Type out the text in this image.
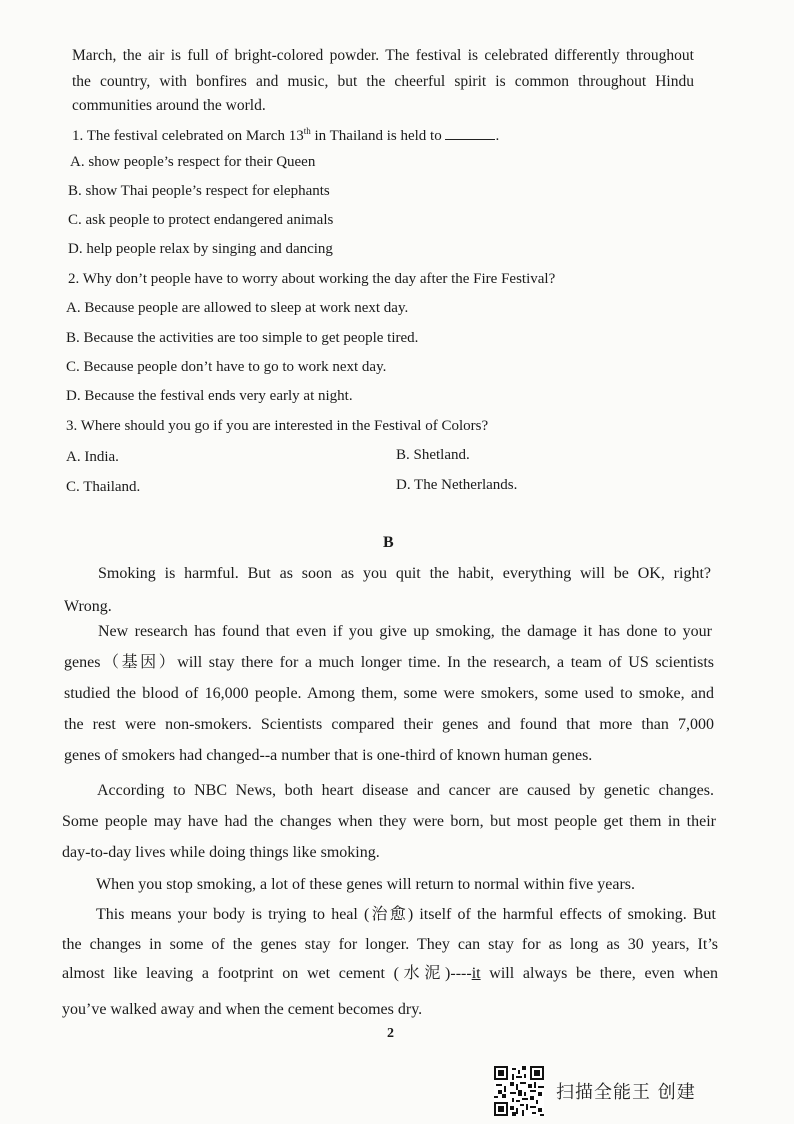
March, the air is full of bright-colored powder. The festival is celebrated differently throughout
the country, with bonfires and music, but the cheerful spirit is common throughout Hindu
communities around the world.
1. The festival celebrated on March 13th in Thailand is held to	.
A. show people’s respect for their Queen
B. show Thai people’s respect for elephants
C. ask people to protect endangered animals
D. help people relax by singing and dancing
2. Why don’t people have to worry about working the day after the Fire Festival?
A. Because people are allowed to sleep at work next day.
B. Because the activities are too simple to get people tired.
C. Because people don’t have to go to work next day.
D. Because the festival ends very early at night.
3. Where should you go if you are interested in the Festival of Colors?
A. India.	B. Shetland.
C. Thailand.	D. The Netherlands.
B
Smoking is harmful. But as soon as you quit the habit, everything will be OK, right?
Wrong.
New research has found that even if you give up smoking, the damage it has done to your
genes（基因）will stay there for a much longer time. In the research, a team of US scientists
studied the blood of 16,000 people. Among them, some were smokers, some used to smoke, and
the rest were non-smokers. Scientists compared their genes and found that more than 7,000
genes of smokers had changed--a number that is one-third of known human genes.
According to NBC News, both heart disease and cancer are caused by genetic changes.
Some people may have had the changes when they were born, but most people get them in their
day-to-day lives while doing things like smoking.
When you stop smoking, a lot of these genes will return to normal within five years.
This means your body is trying to heal (治愈) itself of the harmful effects of smoking. But
the changes in some of the genes stay for longer. They can stay for as long as 30 years, It’s
almost like leaving a footprint on wet cement (水泥)----it will always be there, even when
you’ve walked away and when the cement becomes dry.
2
扫描全能王 创建
